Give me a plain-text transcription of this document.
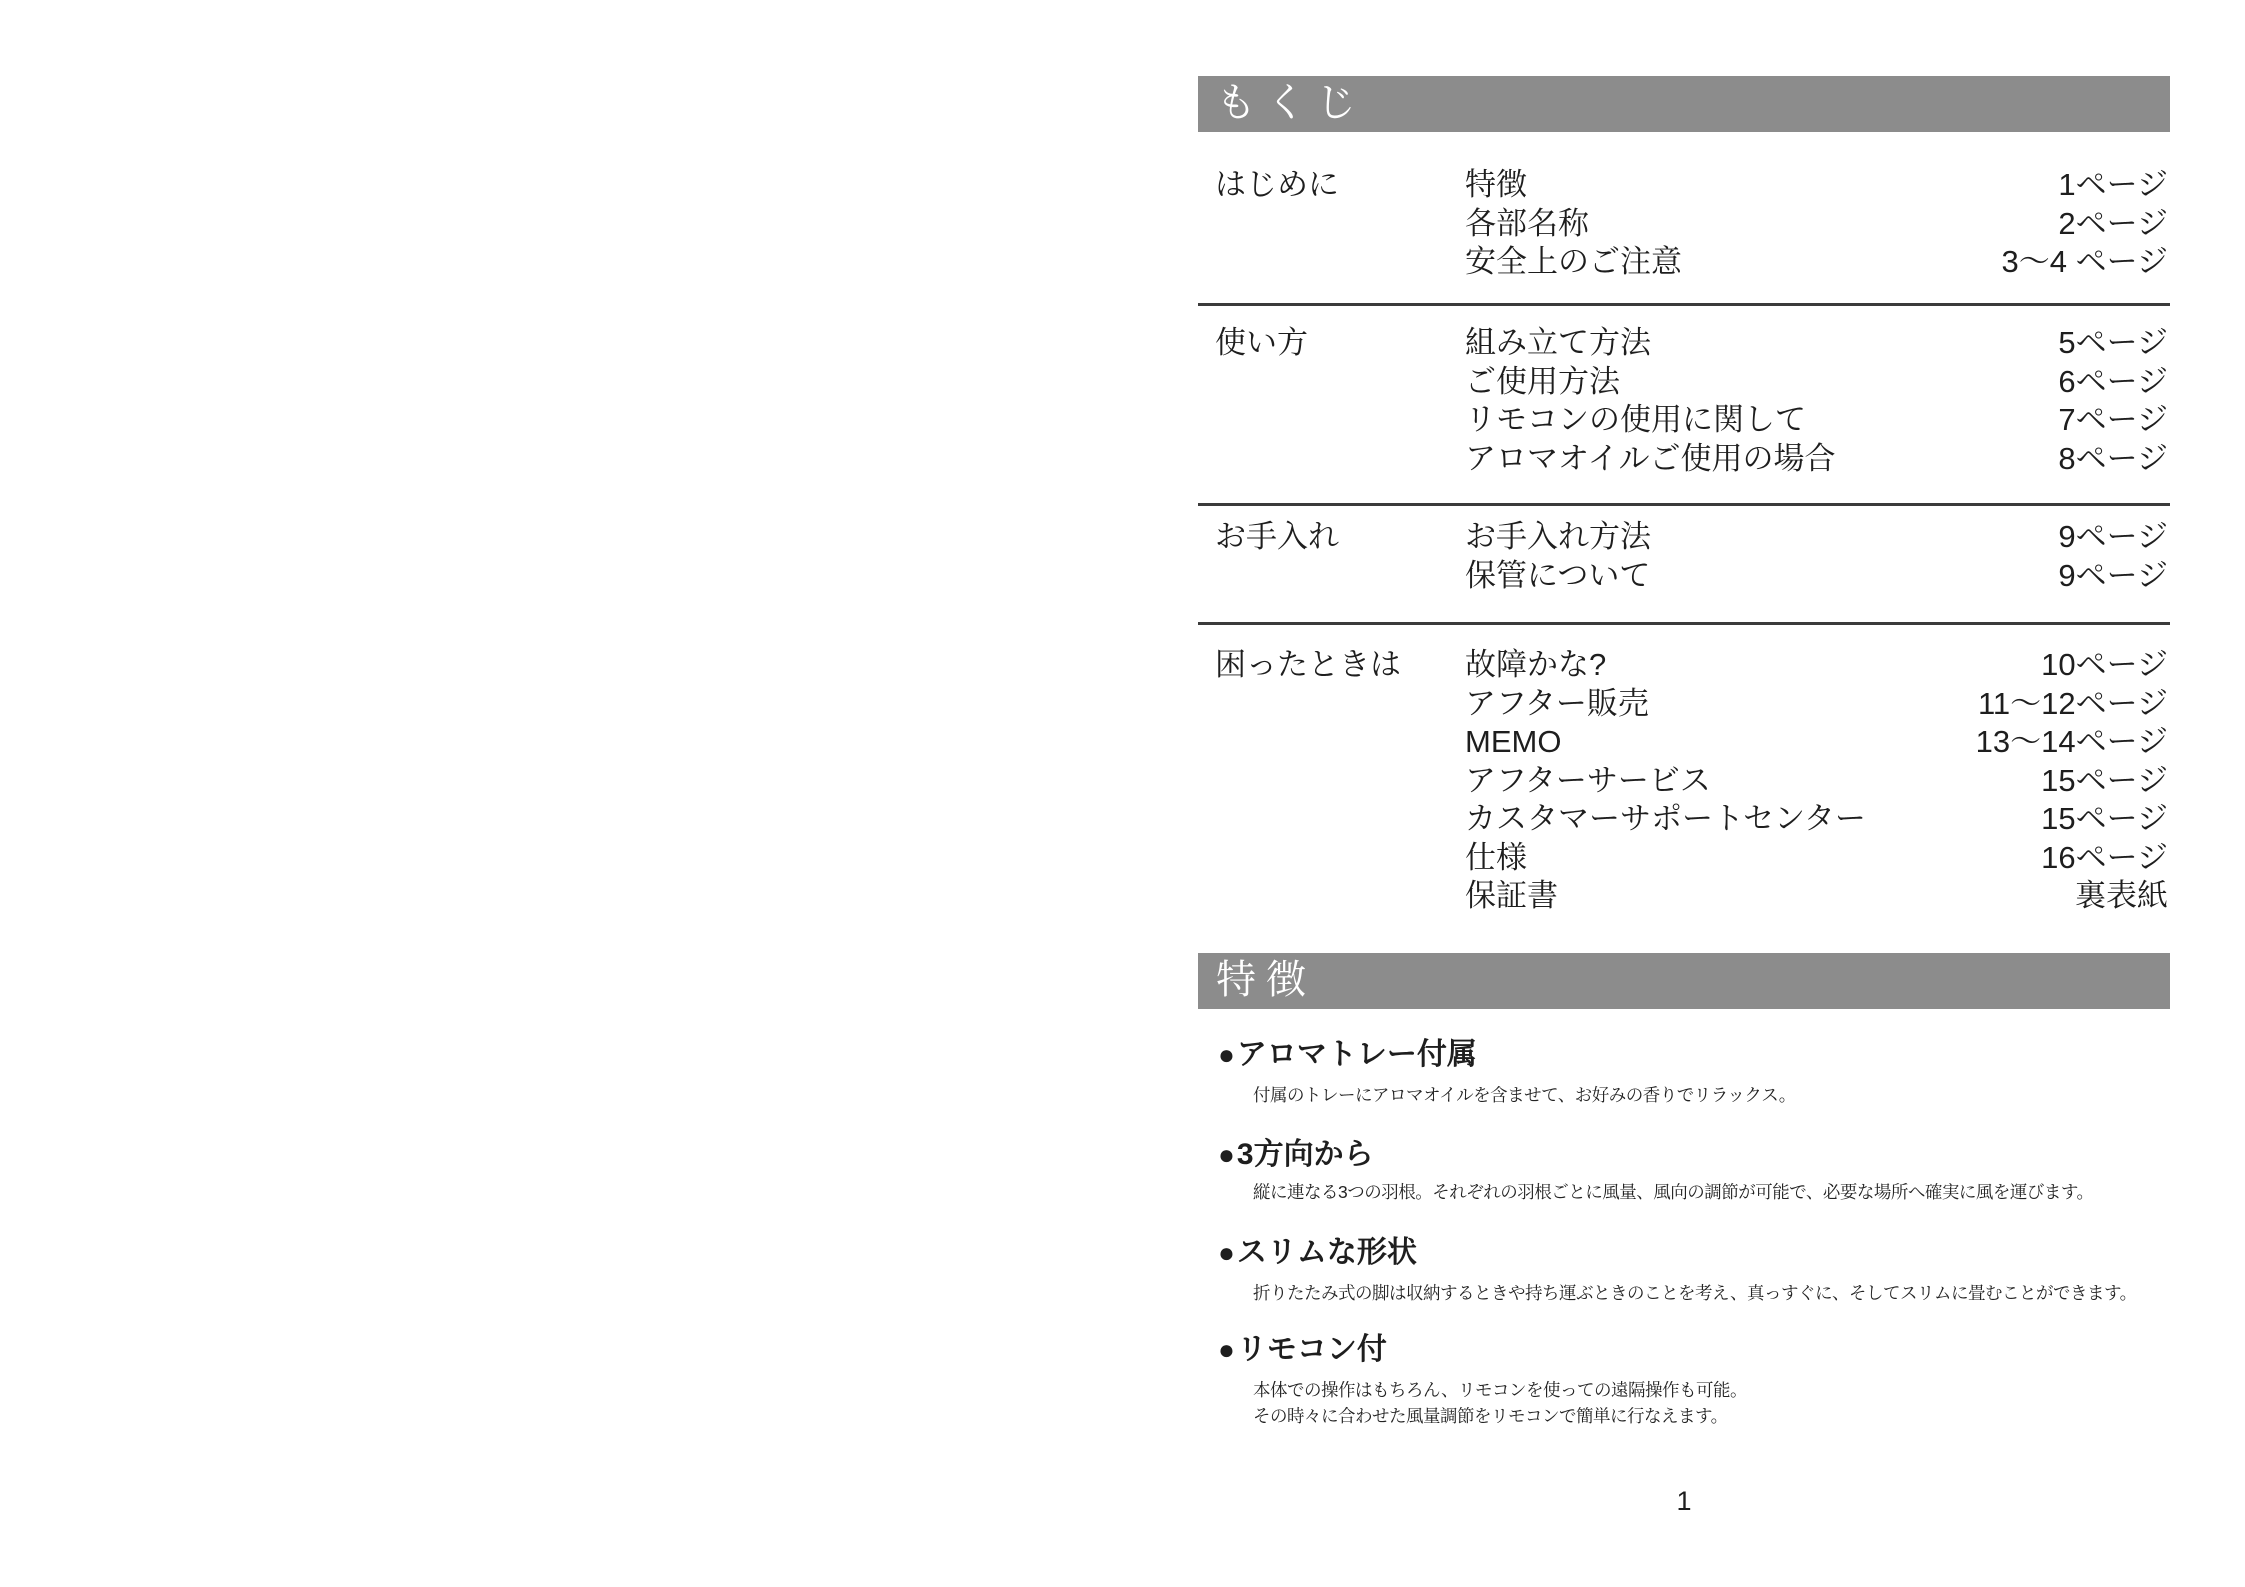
もくじ
はじめに	特徴	1ページ
各部名称	2ページ
安全上のご注意	3〜4 ページ
使い方	組み立て方法	5ページ
ご使用方法	6ページ
リモコンの使用に関して	7ページ
アロマオイルご使用の場合	8ページ
お手入れ	お手入れ方法	9ページ
保管について	9ページ
困ったときは 故障かな?	10ページ
アフター販売	11〜12ページ
MEMO	13〜14ページ
アフターサービス	15ページ
カスタマーサポートセンター	15ページ
仕様	16ページ
保証書	裏表紙
特徴
●アロマトレー付属
付属のトレーにアロマオイルを含ませて、お好みの香りでリラックス。
●3方向から
縦に連なる3つの羽根。それぞれの羽根ごとに風量、風向の調節が可能で、必要な場所へ確実に風を運びます。
●スリムな形状
折りたたみ式の脚は収納するときや持ち運ぶときのことを考え、真っすぐに、そしてスリムに畳むことができます。
●リモコン付
本体での操作はもちろん、リモコンを使っての遠隔操作も可能。
その時々に合わせた風量調節をリモコンで簡単に行なえます。
1
